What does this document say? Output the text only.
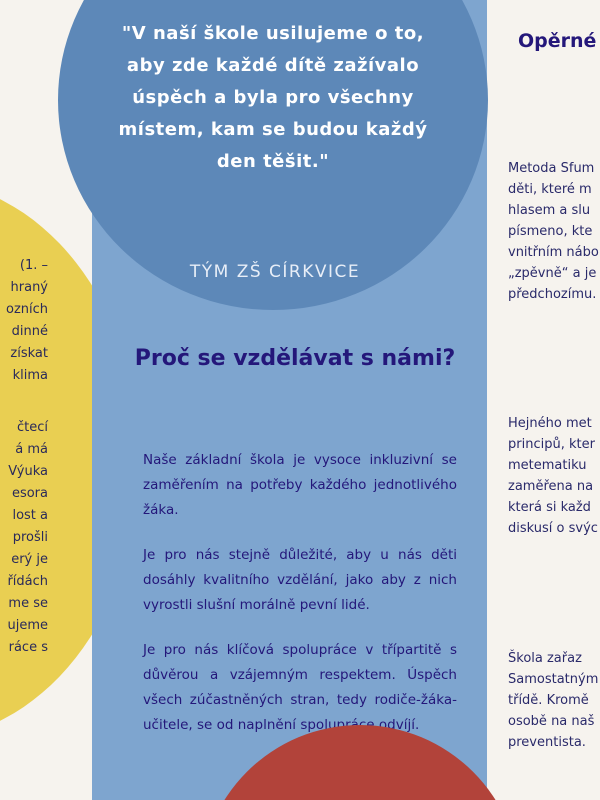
(1. –
hraný
ozních
dinné
získat
klima
čtecí
á má
Výuka
esora
lost a
prošli
erý je
řídách
me se
ujeme
ráce s
"V naší škole usilujeme o to, aby zde každé dítě zažívalo úspěch a byla pro všechny místem, kam se budou každý den těšit."
TÝM ZŠ CÍRKVICE
Proč se vzdělávat s námi?
Naše základní škola je vysoce inkluzivní se zaměřením na potřeby každého jednotlivého žáka.
Je pro nás stejně důležité, aby u nás děti dosáhly kvalitního vzdělání, jako aby z nich vyrostli slušní morálně pevní lidé.
Je pro nás klíčová spolupráce v třípartitě s důvěrou a vzájemným respektem. Úspěch všech zúčastněných stran, tedy rodiče-žáka-učitele, se od naplnění spolupráce odvíjí.
Opěrné
Metoda Sfum
děti, které m
hlasem a slu
písmeno, kte
vnitřním nábo
„zpěvně“ a je
předchozímu.
Hejného met
principů, kter
metematiku
zaměřena na
která si každ
diskusí o svýc
Škola zařaz
Samostatným
třídě. Kromě
osobě na naš
preventista.
